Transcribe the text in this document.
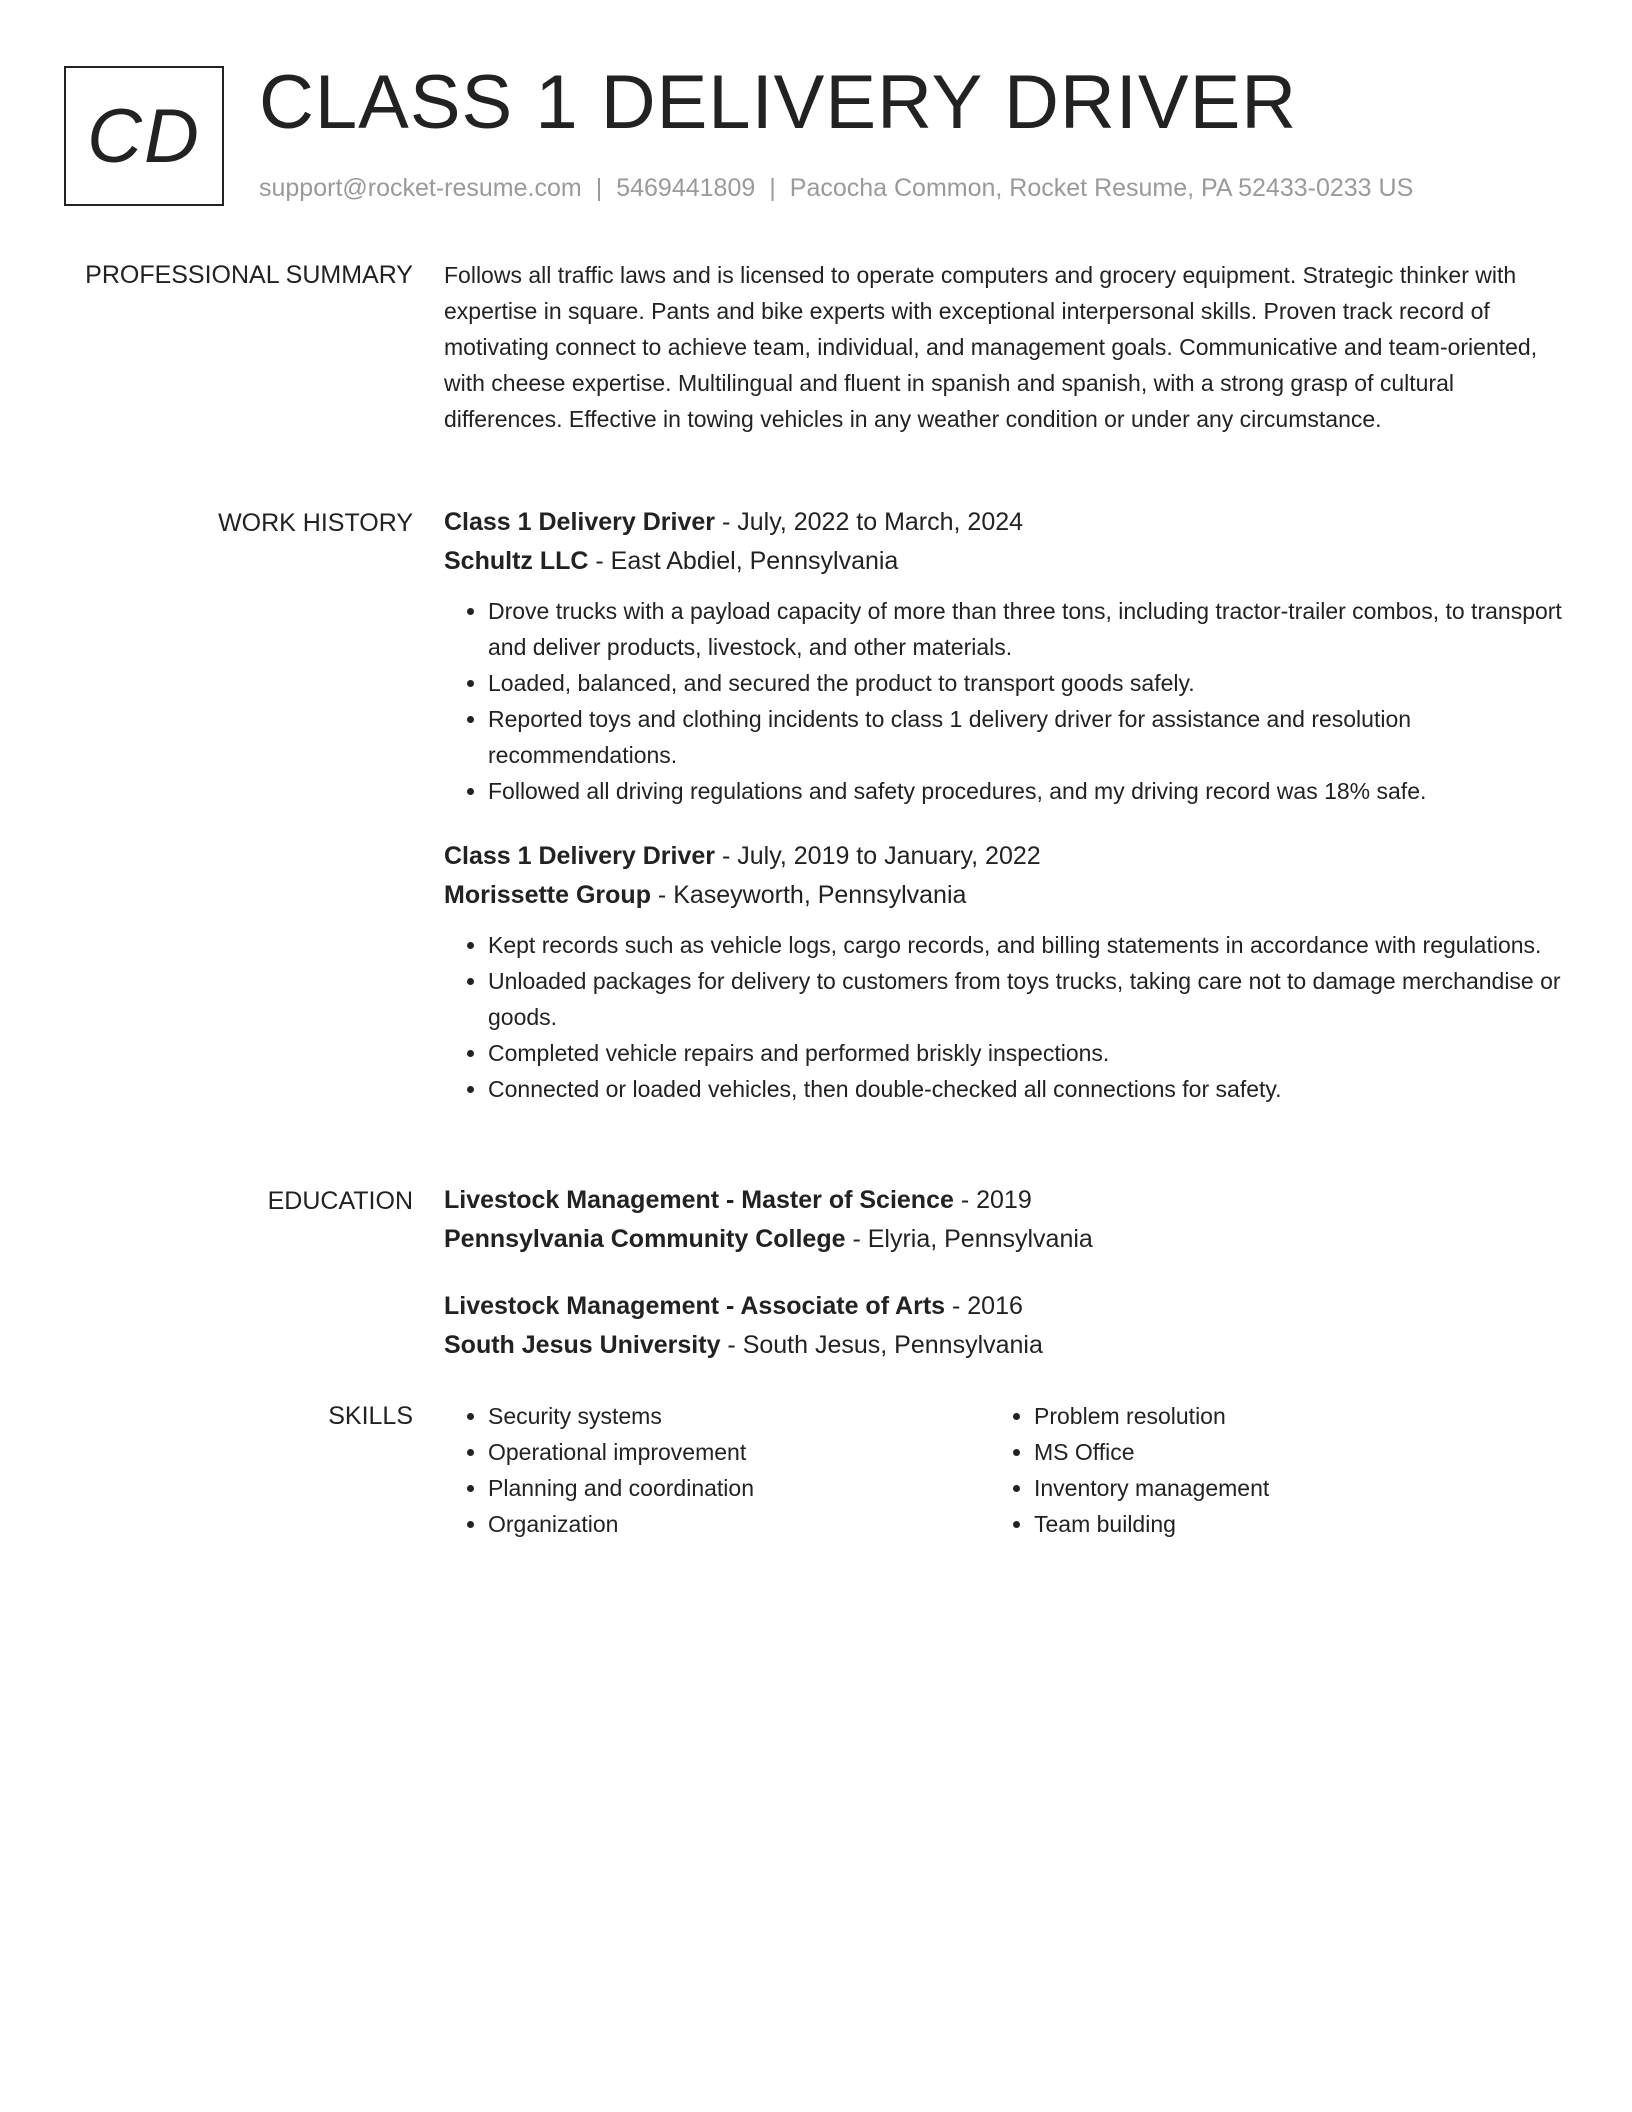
CD CLASS 1 DELIVERY DRIVER
support@rocket-resume.com | 5469441809 | Pacocha Common, Rocket Resume, PA 52433-0233 US
PROFESSIONAL SUMMARY Follows all traffic laws and is licensed to operate computers and grocery equipment. Strategic thinker with expertise in square. Pants and bike experts with exceptional interpersonal skills. Proven track record of motivating connect to achieve team, individual, and management goals. Communicative and team-oriented, with cheese expertise. Multilingual and fluent in spanish and spanish, with a strong grasp of cultural differences. Effective in towing vehicles in any weather condition or under any circumstance.

WORK HISTORY Class 1 Delivery Driver - July, 2022 to March, 2024
Schultz LLC - East Abdiel, Pennsylvania
• Drove trucks with a payload capacity of more than three tons, including tractor-trailer combos, to transport and deliver products, livestock, and other materials.
• Loaded, balanced, and secured the product to transport goods safely.
• Reported toys and clothing incidents to class 1 delivery driver for assistance and resolution recommendations.
• Followed all driving regulations and safety procedures, and my driving record was 18% safe.
Class 1 Delivery Driver - July, 2019 to January, 2022
Morissette Group - Kaseyworth, Pennsylvania
• Kept records such as vehicle logs, cargo records, and billing statements in accordance with regulations.
• Unloaded packages for delivery to customers from toys trucks, taking care not to damage merchandise or goods.
• Completed vehicle repairs and performed briskly inspections.
• Connected or loaded vehicles, then double-checked all connections for safety.
EDUCATION Livestock Management - Master of Science - 2019
Pennsylvania Community College - Elyria, Pennsylvania
Livestock Management - Associate of Arts - 2016
South Jesus University - South Jesus, Pennsylvania
SKILLS
•	Security systems
• Operational improvement
• Planning and coordination
• Organization
• Problem resolution
• MS Office
• Inventory management
• Team building
